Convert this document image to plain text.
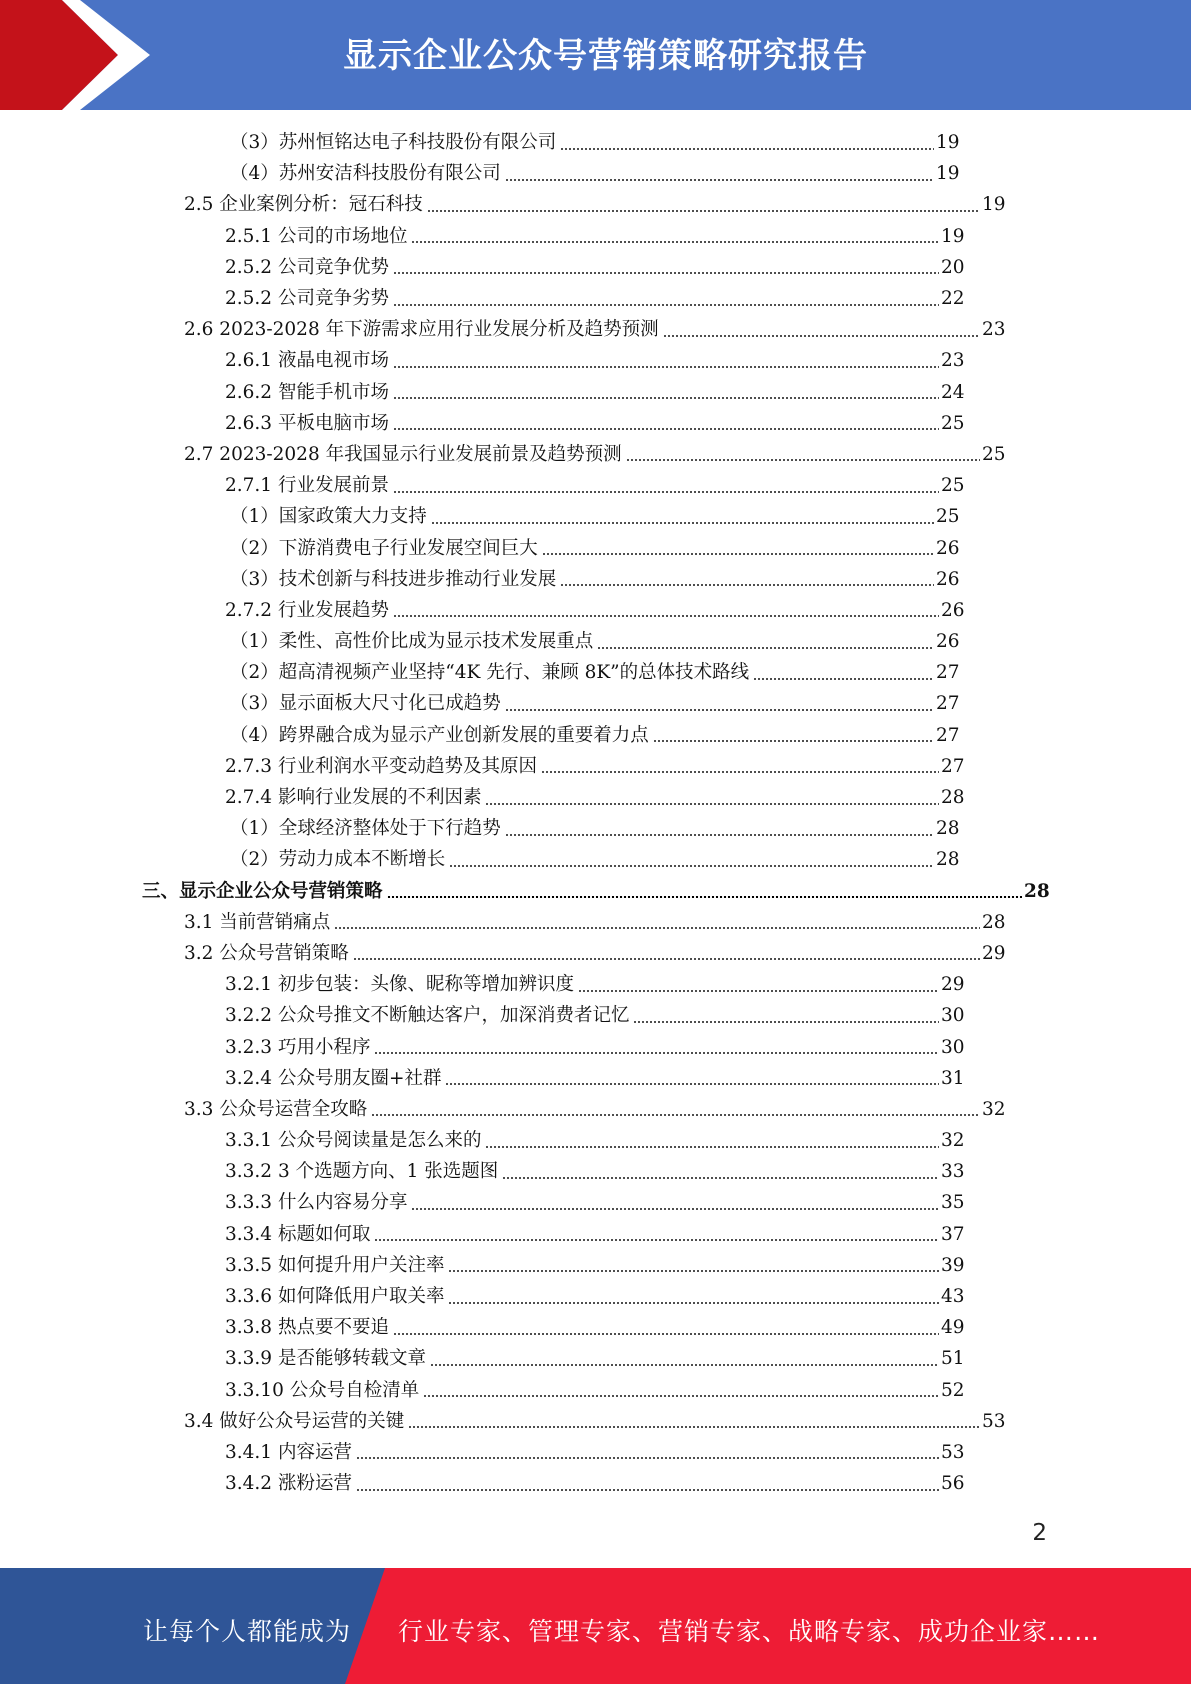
显示企业公众号营销策略研究报告
（3）苏州恒铭达电子科技股份有限公司	19
（4）苏州安洁科技股份有限公司	19
2.5 企业案例分析：冠石科技	19
2.5.1 公司的市场地位	19
2.5.2 公司竞争优势	20
2.5.2 公司竞争劣势	22
2.6 2023-2028 年下游需求应用行业发展分析及趋势预测	23
2.6.1 液晶电视市场	23
2.6.2 智能手机市场	24
2.6.3 平板电脑市场	25
2.7 2023-2028 年我国显示行业发展前景及趋势预测	25
2.7.1 行业发展前景	25
（1）国家政策大力支持	25
（2）下游消费电子行业发展空间巨大	26
（3）技术创新与科技进步推动行业发展	26
2.7.2 行业发展趋势	26
（1）柔性、高性价比成为显示技术发展重点	26
（2）超高清视频产业坚持“4K 先行、兼顾 8K”的总体技术路线	27
（3）显示面板大尺寸化已成趋势	27
（4）跨界融合成为显示产业创新发展的重要着力点	27
2.7.3 行业利润水平变动趋势及其原因	27
2.7.4 影响行业发展的不利因素	28
（1）全球经济整体处于下行趋势	28
（2）劳动力成本不断增长	28
三、显示企业公众号营销策略	28
3.1 当前营销痛点	28
3.2 公众号营销策略	29
3.2.1 初步包装：头像、昵称等增加辨识度	29
3.2.2 公众号推文不断触达客户，加深消费者记忆	30
3.2.3 巧用小程序	30
3.2.4 公众号朋友圈+社群	31
3.3 公众号运营全攻略	32
3.3.1 公众号阅读量是怎么来的	32
3.3.2 3 个选题方向、1 张选题图	33
3.3.3 什么内容易分享	35
3.3.4 标题如何取	37
3.3.5 如何提升用户关注率	39
3.3.6 如何降低用户取关率	43
3.3.8 热点要不要追	49
3.3.9 是否能够转载文章	51
3.3.10 公众号自检清单	52
3.4 做好公众号运营的关键	53
3.4.1 内容运营	53
3.4.2 涨粉运营	56
2
让每个人都能成为 行业专家、管理专家、营销专家、战略专家、成功企业家……
